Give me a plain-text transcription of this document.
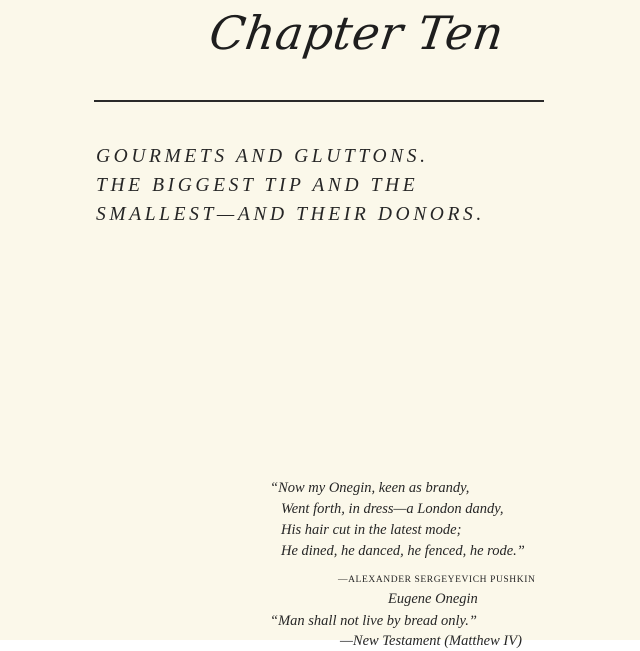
Chapter Ten
GOURMETS AND GLUTTONS.
THE BIGGEST TIP AND THE
SMALLEST—AND THEIR DONORS.
“Now my Onegin, keen as brandy,
Went forth, in dress—a London dandy,
His hair cut in the latest mode;
He dined, he danced, he fenced, he rode.”
—ALEXANDER SERGEYEVICH PUSHKIN
Eugene Onegin
“Man shall not live by bread only.”
—New Testament (Matthew IV)
